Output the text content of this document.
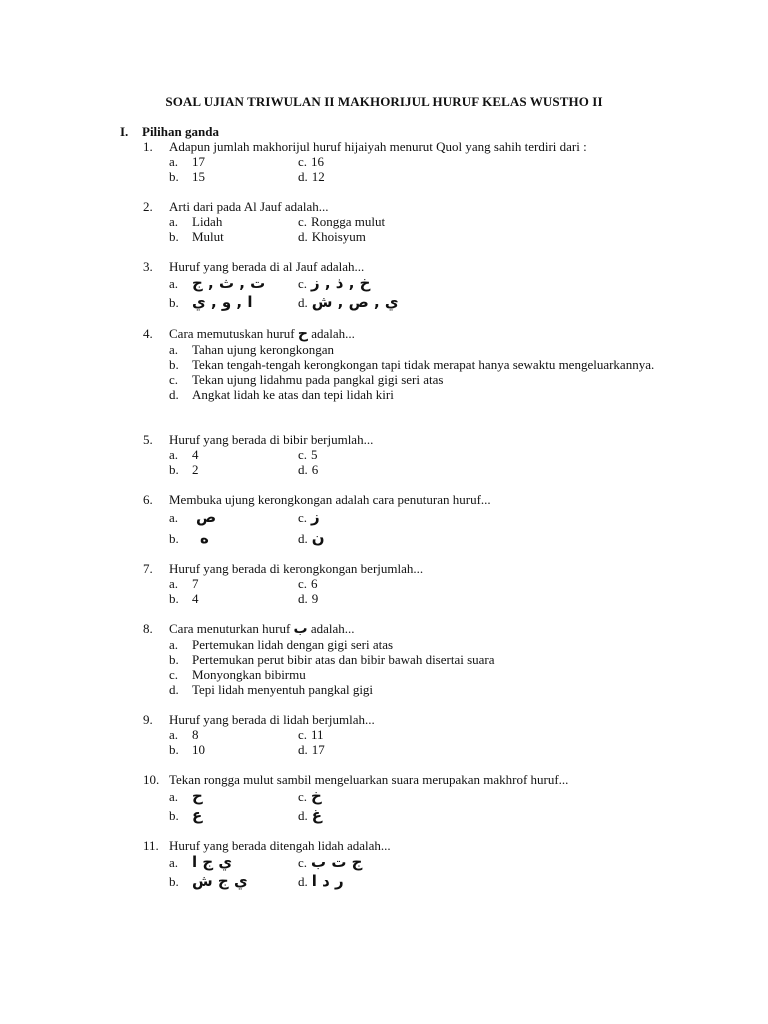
SOAL UJIAN TRIWULAN II MAKHORIJUL HURUF KELAS WUSTHO II
I. Pilihan ganda
1.	Adapun jumlah makhorijul huruf hijaiyah menurut Quol yang sahih terdiri dari :
a.	17	c. 16
b.	15	d. 12
2.	Arti dari pada Al Jauf adalah...
a.	Lidah	c. Rongga mulut
b.	Mulut	d. Khoisyum
3.	Huruf yang berada di al Jauf adalah...
a. ت , ث , ج	c. خ , ذ , ز
b. ا , و , ي	d. ي , ص , ش
4.	Cara memutuskan huruf ح adalah...
a.	Tahan ujung kerongkongan
b.	Tekan tengah-tengah kerongkongan tapi tidak merapat hanya sewaktu mengeluarkannya.
c.	Tekan ujung lidahmu pada pangkal gigi seri atas
d.	Angkat lidah ke atas dan tepi lidah kiri
5.	Huruf yang berada di bibir berjumlah...
a.	4	c. 5
b.	2	d. 6
6.	Membuka ujung kerongkongan adalah cara penuturan huruf...
a.	ص	c. ز
b.	ه	d. ن
7.	Huruf yang berada di kerongkongan berjumlah...
a.	7	c. 6
b.	4	d. 9
8.	Cara menuturkan huruf ب adalah...
a.	Pertemukan lidah dengan gigi seri atas
b.	Pertemukan perut bibir atas dan bibir bawah disertai suara
c.	Monyongkan bibirmu
d.	Tepi lidah menyentuh pangkal gigi
9.	Huruf yang berada di lidah berjumlah...
a.	8	c. 11
b.	10	d. 17
10. Tekan rongga mulut sambil mengeluarkan suara merupakan makhrof huruf...
a. ح	c. خ
b. ع	d. غ
11. Huruf yang berada ditengah lidah adalah...
a. ي ج ا	c. ج ت ب
b. ي ج ش	d. ر د ا
